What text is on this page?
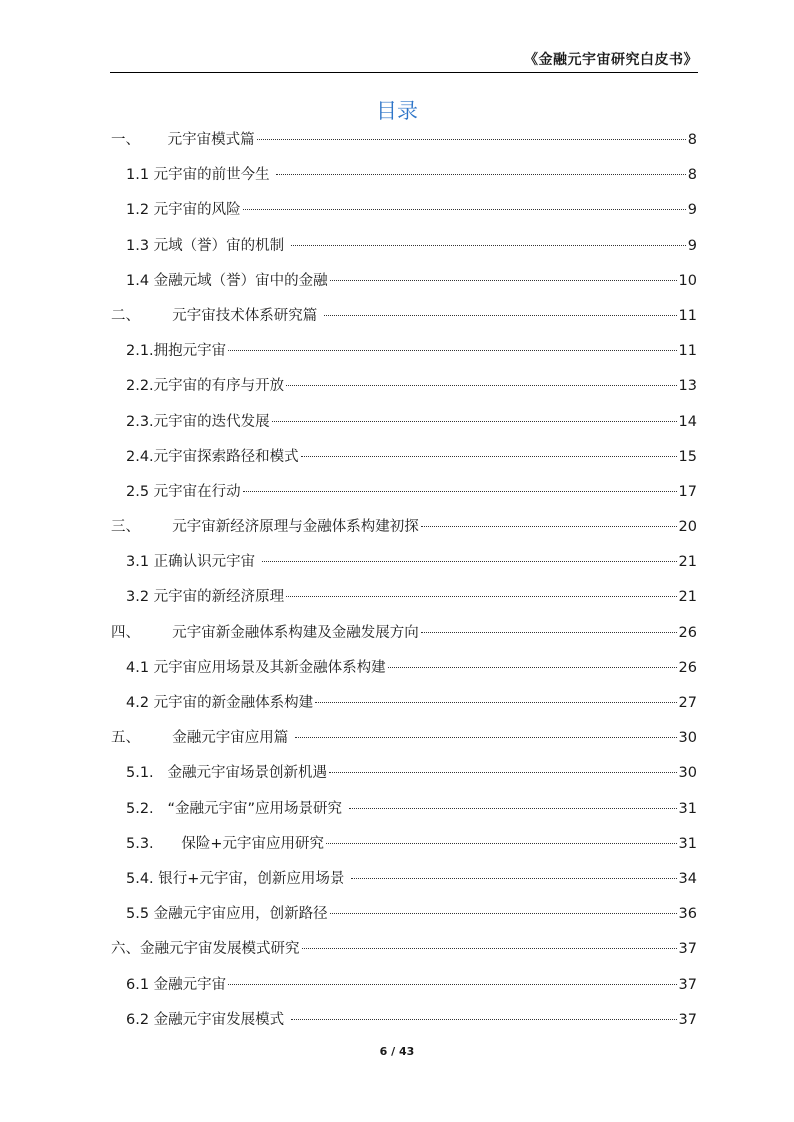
《金融元宇宙研究白皮书》
目录
一、 元宇宙模式篇	8
1.1 元宇宙的前世今生	8
1.2 元宇宙的风险	9
1.3 元域（誉）宙的机制	9
1.4 金融元域（誉）宙中的金融	10
二、 元宇宙技术体系研究篇	11
2.1. 拥抱元宇宙	11
2.2. 元宇宙的有序与开放	13
2.3. 元宇宙的迭代发展	14
2.4. 元宇宙探索路径和模式	15
2.5 元宇宙在行动	17
三、 元宇宙新经济原理与金融体系构建初探	20
3.1 正确认识元宇宙	21
3.2 元宇宙的新经济原理	21
四、 元宇宙新金融体系构建及金融发展方向	26
4.1 元宇宙应用场景及其新金融体系构建	26
4.2 元宇宙的新金融体系构建	27
五、 金融元宇宙应用篇	30
5.1. 金融元宇宙场景创新机遇	30
5.2. “金融元宇宙”应用场景研究	31
5.3. 保险+元宇宙应用研究	31
5.4. 银行+元宇宙，创新应用场景	34
5.5 金融元宇宙应用，创新路径	36
六、 金融元宇宙发展模式研究	37
6.1 金融元宇宙	37
6.2 金融元宇宙发展模式	37
6 / 43
